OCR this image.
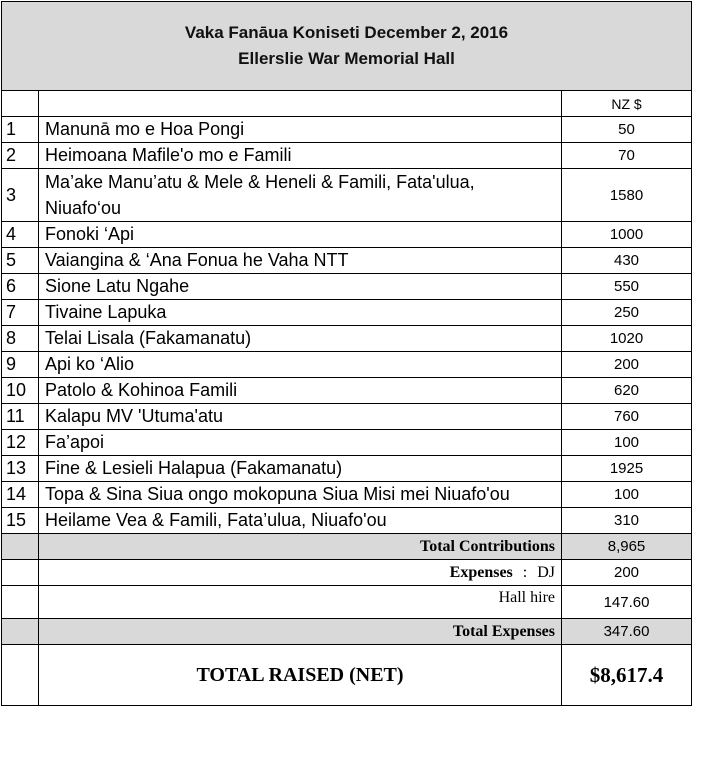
Vaka Fanāua Koniseti December 2, 2016
Ellerslie War Memorial Hall		

		NZ $
1	Manunā mo e Hoa Pongi	50
2	Heimoana Mafile'o mo e Famili	70
3	Ma’ake Manu’atu & Mele & Heneli & Famili, Fata'ulua, Niuafo‘ou	1580
4	Fonoki ‘Api	1000
5	Vaiangina & ‘Ana Fonua he Vaha NTT	430
6	Sione Latu Ngahe	550
7	Tivaine Lapuka	250
8	Telai Lisala (Fakamanatu)	1020
9	Api ko ‘Alio	200
10	Patolo & Kohinoa Famili	620
11	Kalapu MV 'Utuma'atu	760
12	Fa’apoi	100
13	Fine & Lesieli Halapua (Fakamanatu)	1925
14	Topa & Sina Siua ongo mokopuna Siua Misi mei Niuafo'ou	100
15	Heilame Vea & Famili, Fata’ulua, Niuafo'ou	310
	Total Contributions	8,965
	Expenses : DJ	200
	Hall hire	147.60
	Total Expenses	347.60
	TOTAL RAISED (NET)	$8,617.4
